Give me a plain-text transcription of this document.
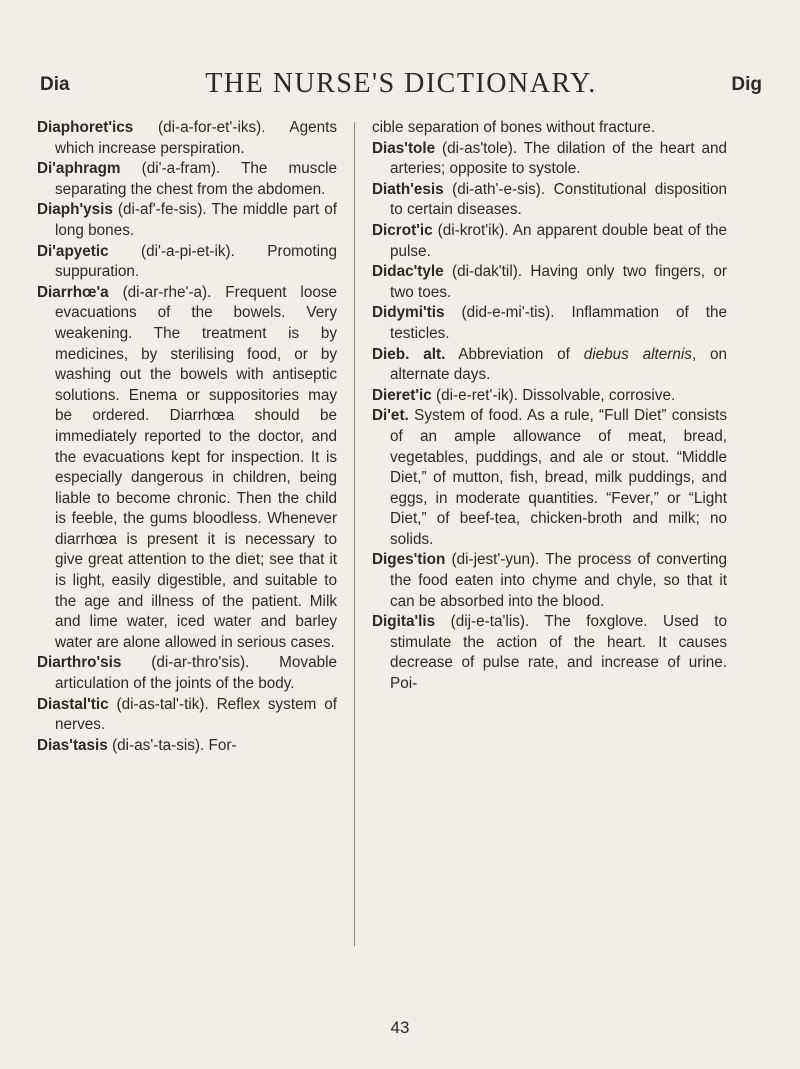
Dia	THE NURSE'S DICTIONARY.	Dig

Diaphoret'ics (di-a-for-et'-iks). Agents which increase perspiration.

Di'aphragm (di'-a-fram). The muscle separating the chest from the abdomen.

Diaph'ysis (di-af'-fe-sis). The middle part of long bones.

Di'apyetic (di'-a-pi-et-ik). Promoting suppuration.

Diarrhœ'a (di-ar-rhe'-a). Frequent loose evacuations of the bowels. Very weakening. The treatment is by medicines, by sterilising food, or by washing out the bowels with antiseptic solutions. Enema or suppositories may be ordered. Diarrhœa should be immediately reported to the doctor, and the evacuations kept for inspection. It is especially dangerous in children, being liable to become chronic. Then the child is feeble, the gums bloodless. Whenever diarrhœa is present it is necessary to give great attention to the diet; see that it is light, easily digestible, and suitable to the age and illness of the patient. Milk and lime water, iced water and barley water are alone allowed in serious cases.

Diarthro'sis (di-ar-thro'sis). Movable articulation of the joints of the body.

Diastal'tic (di-as-tal'-tik). Reflex system of nerves.

Dias'tasis (di-as'-ta-sis). For-

cible separation of bones without fracture.

Dias'tole (di-as'tole). The dilation of the heart and arteries; opposite to systole.

Diath'esis (di-ath'-e-sis). Constitutional disposition to certain diseases.

Dicrot'ic (di-krot'ik). An apparent double beat of the pulse.

Didac'tyle (di-dak'til). Having only two fingers, or two toes.

Didymi'tis (did-e-mi'-tis). Inflammation of the testicles.

Dieb. alt. Abbreviation of diebus alternis, on alternate days.

Dieret'ic (di-e-ret'-ik). Dissolvable, corrosive.

Di'et. System of food. As a rule, “Full Diet” consists of an ample allowance of meat, bread, vegetables, puddings, and ale or stout. “Middle Diet,” of mutton, fish, bread, milk puddings, and eggs, in moderate quantities. “Fever,” or “Light Diet,” of beef-tea, chicken-broth and milk; no solids.

Diges'tion (di-jest'-yun). The process of converting the food eaten into chyme and chyle, so that it can be absorbed into the blood.

Digita'lis (dij-e-ta'lis). The foxglove. Used to stimulate the action of the heart. It causes decrease of pulse rate, and increase of urine. Poi-

43
